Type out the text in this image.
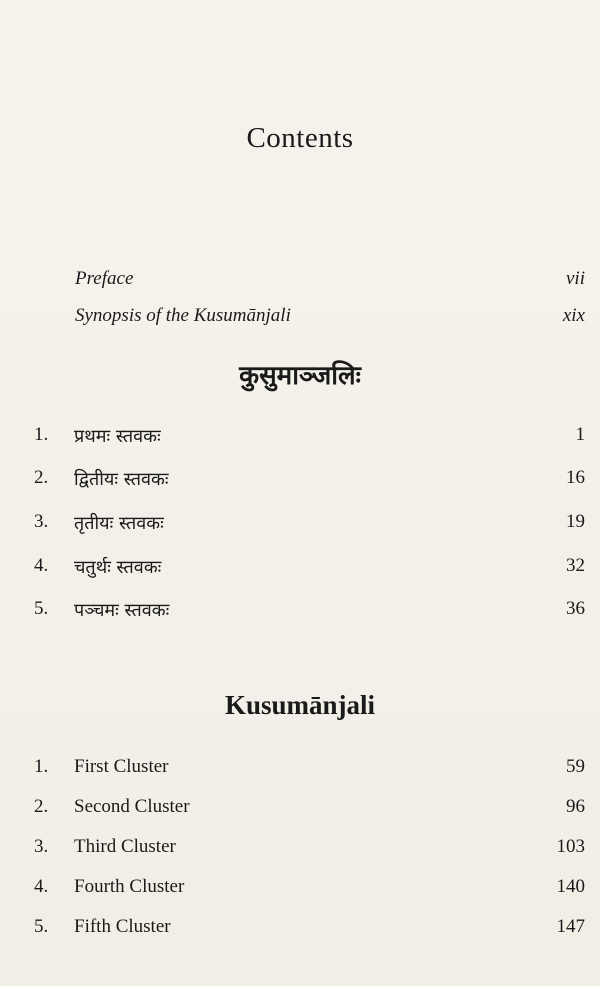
Contents
Preface	vii
Synopsis of the Kusumānjali	xix
कुसुमाञ्जलिः
1. प्रथमः स्तवकः	1
2. द्वितीयः स्तवकः	16
3. तृतीयः स्तवकः	19
4. चतुर्थः स्तवकः	32
5. पञ्चमः स्तवकः	36
Kusumānjali
1. First Cluster	59
2. Second Cluster	96
3. Third Cluster	103
4. Fourth Cluster	140
5. Fifth Cluster	147
